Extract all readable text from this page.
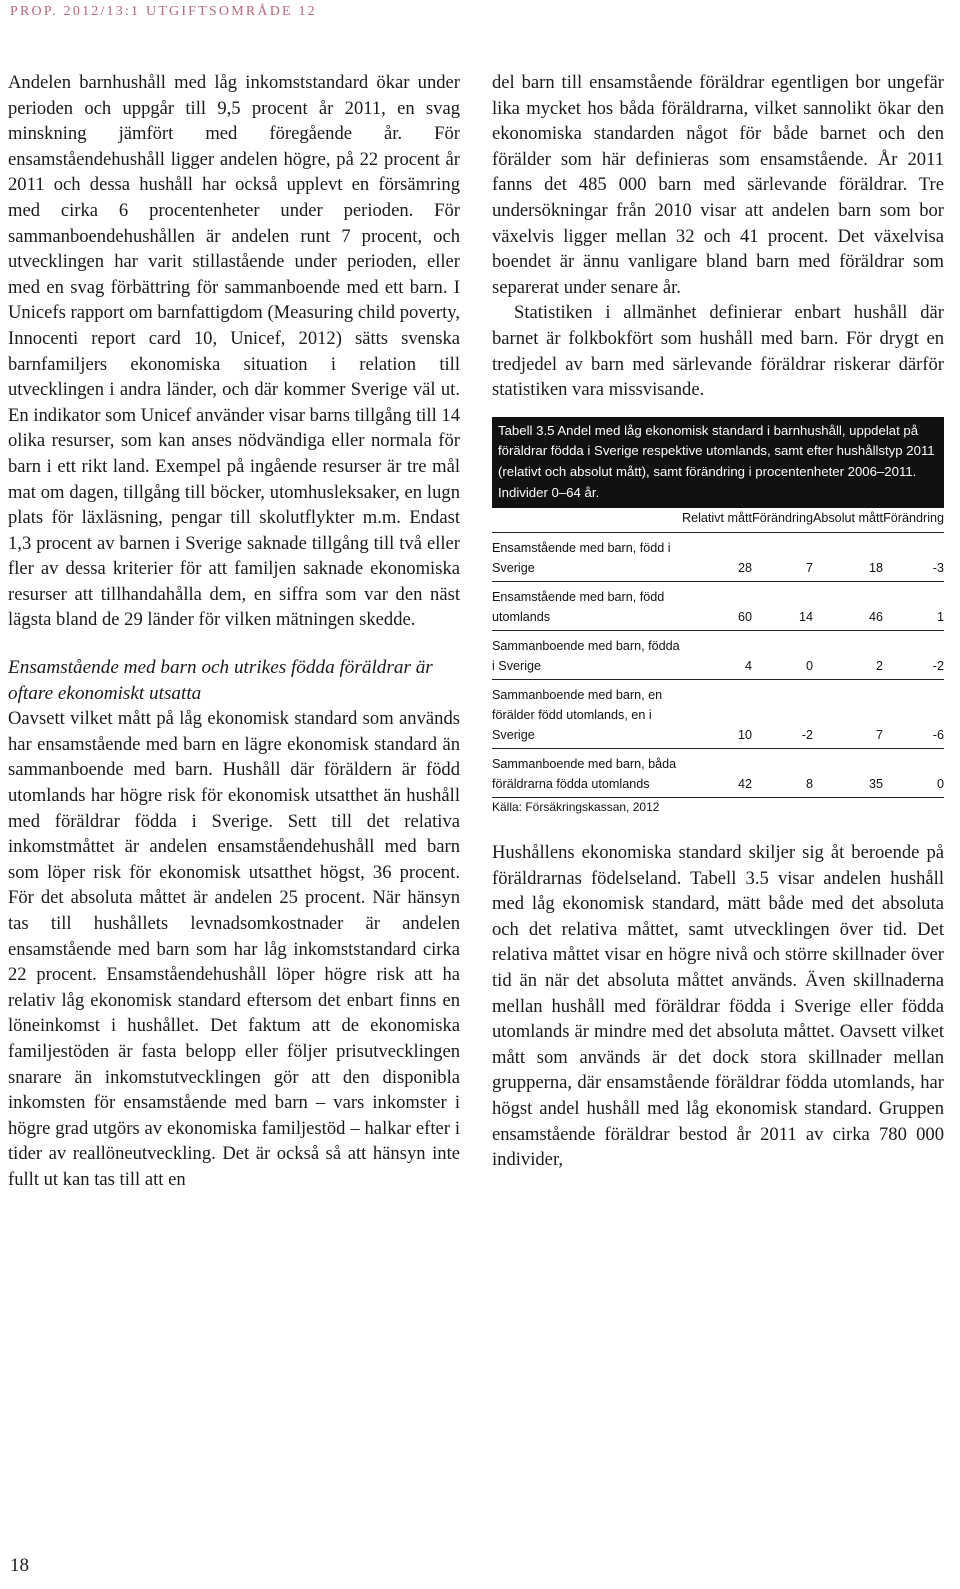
PROP. 2012/13:1 UTGIFTSOMRÅDE 12

Andelen barnhushåll med låg inkomststandard ökar under perioden och uppgår till 9,5 procent år 2011, en svag minskning jämfört med föregående år. För ensamståendehushåll ligger andelen högre, på 22 procent år 2011 och dessa hushåll har också upplevt en försämring med cirka 6 procentenheter under perioden. För sammanboendehushållen är andelen runt 7 procent, och utvecklingen har varit stillastående under perioden, eller med en svag förbättring för sammanboende med ett barn. I Unicefs rapport om barnfattigdom (Measuring child poverty, Innocenti report card 10, Unicef, 2012) sätts svenska barnfamiljers ekonomiska situation i relation till utvecklingen i andra länder, och där kommer Sverige väl ut. En indikator som Unicef använder visar barns tillgång till 14 olika resurser, som kan anses nödvändiga eller normala för barn i ett rikt land. Exempel på ingående resurser är tre mål mat om dagen, tillgång till böcker, utomhusleksaker, en lugn plats för läxläsning, pengar till skolutflykter m.m. Endast 1,3 procent av barnen i Sverige saknade tillgång till två eller fler av dessa kriterier för att familjen saknade ekonomiska resurser att tillhandahålla dem, en siffra som var den näst lägsta bland de 29 länder för vilken mätningen skedde.

Ensamstående med barn och utrikes födda föräldrar är oftare ekonomiskt utsatta

Oavsett vilket mått på låg ekonomisk standard som används har ensamstående med barn en lägre ekonomisk standard än sammanboende med barn. Hushåll där föräldern är född utomlands har högre risk för ekonomisk utsatthet än hushåll med föräldrar födda i Sverige. Sett till det relativa inkomstmåttet är andelen ensamståendehushåll med barn som löper risk för ekonomisk utsatthet högst, 36 procent. För det absoluta måttet är andelen 25 procent. När hänsyn tas till hushållets levnadsomkostnader är andelen ensamstående med barn som har låg inkomststandard cirka 22 procent. Ensamståendehushåll löper högre risk att ha relativ låg ekonomisk standard eftersom det enbart finns en löneinkomst i hushållet. Det faktum att de ekonomiska familjestöden är fasta belopp eller följer prisutvecklingen snarare än inkomstutvecklingen gör att den disponibla inkomsten för ensamstående med barn – vars inkomster i högre grad utgörs av ekonomiska familjestöd – halkar efter i tider av reallöneutveckling. Det är också så att hänsyn inte fullt ut kan tas till att en

del barn till ensamstående föräldrar egentligen bor ungefär lika mycket hos båda föräldrarna, vilket sannolikt ökar den ekonomiska standarden något för både barnet och den förälder som här definieras som ensamstående. År 2011 fanns det 485 000 barn med särlevande föräldrar. Tre undersökningar från 2010 visar att andelen barn som bor växelvis ligger mellan 32 och 41 procent. Det växelvisa boendet är ännu vanligare bland barn med föräldrar som separerat under senare år.

Statistiken i allmänhet definierar enbart hushåll där barnet är folkbokfört som hushåll med barn. För drygt en tredjedel av barn med särlevande föräldrar riskerar därför statistiken vara missvisande.

Tabell 3.5 Andel med låg ekonomisk standard i barnhushåll, uppdelat på föräldrar födda i Sverige respektive utomlands, samt efter hushållstyp 2011 (relativt och absolut mått), samt förändring i procentenheter 2006–2011. Individer 0–64 år.
	Relativt mått	Förändring	Absolut mått	Förändring
Ensamstående med barn, född i Sverige	28	7	18	-3
Ensamstående med barn, född utomlands	60	14	46	1
Sammanboende med barn, födda i Sverige	4	0	2	-2
Sammanboende med barn, en förälder född utomlands, en i Sverige	10	-2	7	-6
Sammanboende med barn, båda föräldrarna födda utomlands	42	8	35	0
Källa: Försäkringskassan, 2012

Hushållens ekonomiska standard skiljer sig åt beroende på föräldrarnas födelseland. Tabell 3.5 visar andelen hushåll med låg ekonomisk standard, mätt både med det absoluta och det relativa måttet, samt utvecklingen över tid. Det relativa måttet visar en högre nivå och större skillnader över tid än när det absoluta måttet används. Även skillnaderna mellan hushåll med föräldrar födda i Sverige eller födda utomlands är mindre med det absoluta måttet. Oavsett vilket mått som används är det dock stora skillnader mellan grupperna, där ensamstående föräldrar födda utomlands, har högst andel hushåll med låg ekonomisk standard. Gruppen ensamstående föräldrar bestod år 2011 av cirka 780 000 individer,

18
